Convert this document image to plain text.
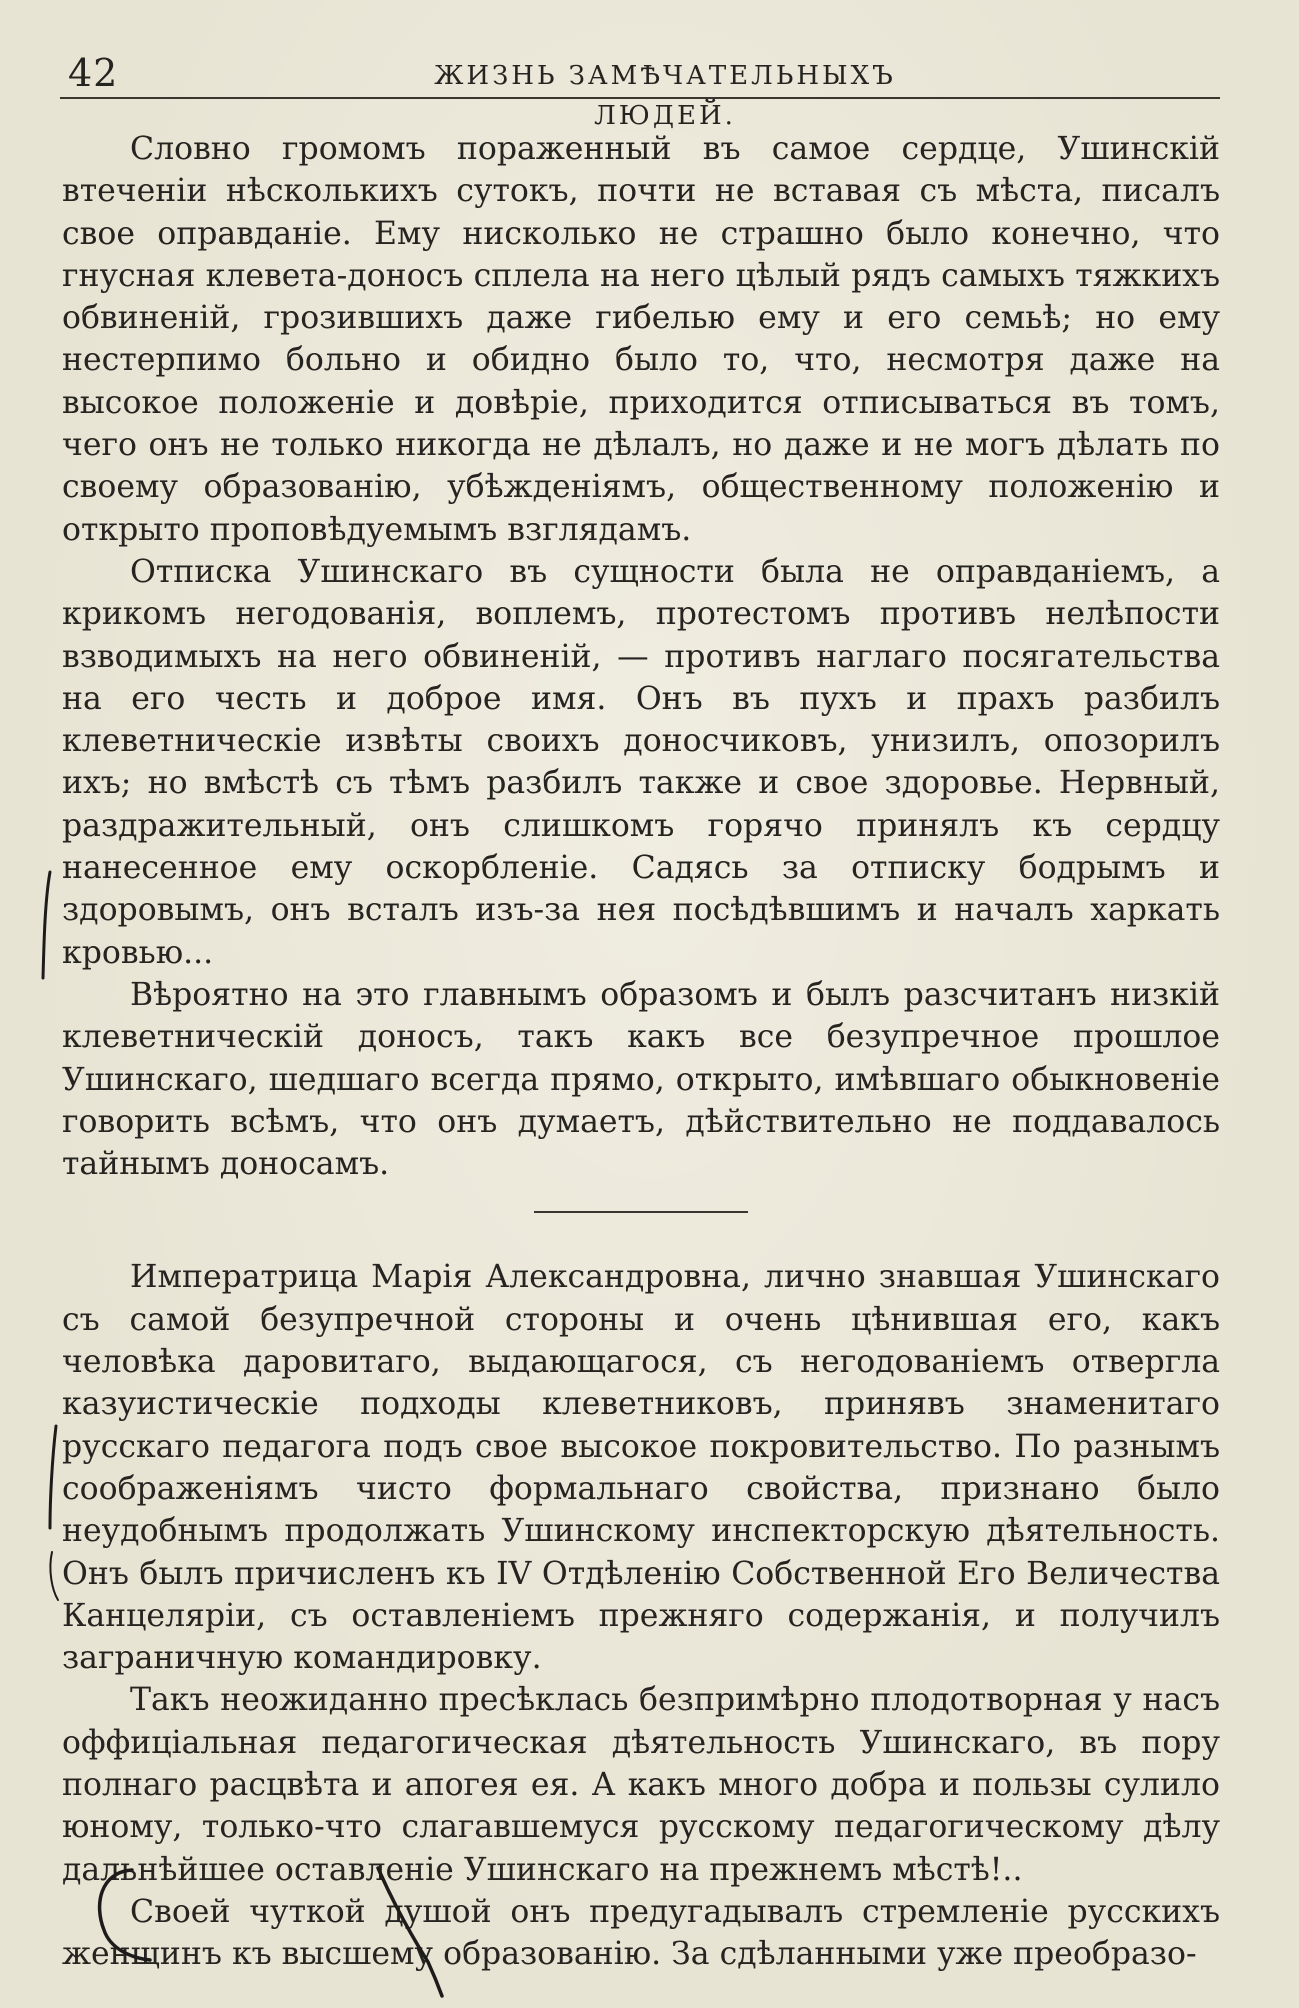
42	ЖИЗНЬ ЗАМѢЧАТЕЛЬНЫХЪ ЛЮДЕЙ.

Словно громомъ пораженный въ самое сердце, Ушинскій втеченіи нѣсколькихъ сутокъ, почти не вставая съ мѣста, писалъ свое оправданіе. Ему нисколько не страшно было конечно, что гнусная клевета-доносъ сплела на него цѣлый рядъ самыхъ тяжкихъ обвиненій, грозившихъ даже гибелью ему и его семьѣ; но ему нестерпимо больно и обидно было то, что, несмотря даже на высокое положеніе и довѣріе, приходится отписываться въ томъ, чего онъ не только никогда не дѣлалъ, но даже и не могъ дѣлать по своему образованію, убѣжденіямъ, общественному положенію и открыто проповѣдуемымъ взглядамъ.

Отписка Ушинскаго въ сущности была не оправданіемъ, а крикомъ негодованія, воплемъ, протестомъ противъ нелѣпости взводимыхъ на него обвиненій, — противъ наглаго посягательства на его честь и доброе имя. Онъ въ пухъ и прахъ разбилъ клеветническіе извѣты своихъ доносчиковъ, унизилъ, опозорилъ ихъ; но вмѣстѣ съ тѣмъ разбилъ также и свое здоровье. Нервный, раздражительный, онъ слишкомъ горячо принялъ къ сердцу нанесенное ему оскорбленіе. Садясь за отписку бодрымъ и здоровымъ, онъ всталъ изъ-за нея посѣдѣвшимъ и началъ харкать кровью...

Вѣроятно на это главнымъ образомъ и былъ разсчитанъ низкій клеветническій доносъ, такъ какъ все безупречное прошлое Ушинскаго, шедшаго всегда прямо, открыто, имѣвшаго обыкновеніе говорить всѣмъ, что онъ думаетъ, дѣйствительно не поддавалось тайнымъ доносамъ.

Императрица Марія Александровна, лично знавшая Ушинскаго съ самой безупречной стороны и очень цѣнившая его, какъ человѣка даровитаго, выдающагося, съ негодованіемъ отвергла казуистическіе подходы клеветниковъ, принявъ знаменитаго русскаго педагога подъ свое высокое покровительство. По разнымъ соображеніямъ чисто формальнаго свойства, признано было неудобнымъ продолжать Ушинскому инспекторскую дѣятельность. Онъ былъ причисленъ къ IV Отдѣленію Собственной Его Величества Канцеляріи, съ оставленіемъ прежняго содержанія, и получилъ заграничную командировку.

Такъ неожиданно пресѣклась безпримѣрно плодотворная у насъ оффиціальная педагогическая дѣятельность Ушинскаго, въ пору полнаго расцвѣта и апогея ея. А какъ много добра и пользы сулило юному, только-что слагавшемуся русскому педагогическому дѣлу дальнѣйшее оставленіе Ушинскаго на прежнемъ мѣстѣ!..

Своей чуткой душой онъ предугадывалъ стремленіе русскихъ женщинъ къ высшему образованію. За сдѣланными уже преобразо-
